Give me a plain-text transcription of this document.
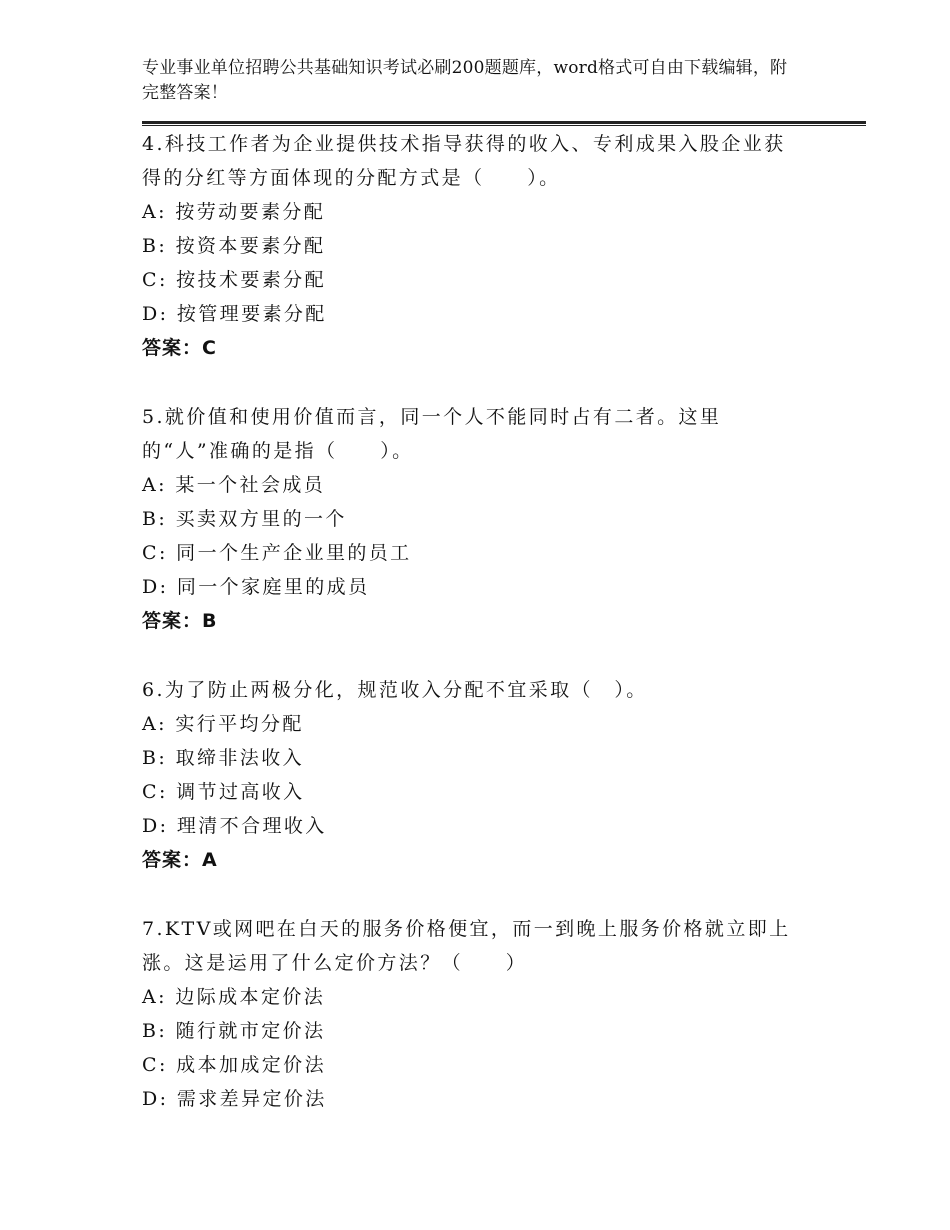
专业事业单位招聘公共基础知识考试必刷200题题库，word格式可自由下载编辑，附完整答案！
4.科技工作者为企业提供技术指导获得的收入、专利成果入股企业获
得的分红等方面体现的分配方式是（　　）。
A: 按劳动要素分配
B: 按资本要素分配
C: 按技术要素分配
D: 按管理要素分配
答案：C
5.就价值和使用价值而言，同一个人不能同时占有二者。这里
的“人”准确的是指（　　）。
A: 某一个社会成员
B: 买卖双方里的一个
C: 同一个生产企业里的员工
D: 同一个家庭里的成员
答案：B
6.为了防止两极分化，规范收入分配不宜采取（　）。
A: 实行平均分配
B: 取缔非法收入
C: 调节过高收入
D: 理清不合理收入
答案：A
7.KTV或网吧在白天的服务价格便宜，而一到晚上服务价格就立即上
涨。这是运用了什么定价方法？（　　）
A: 边际成本定价法
B: 随行就市定价法
C: 成本加成定价法
D: 需求差异定价法
